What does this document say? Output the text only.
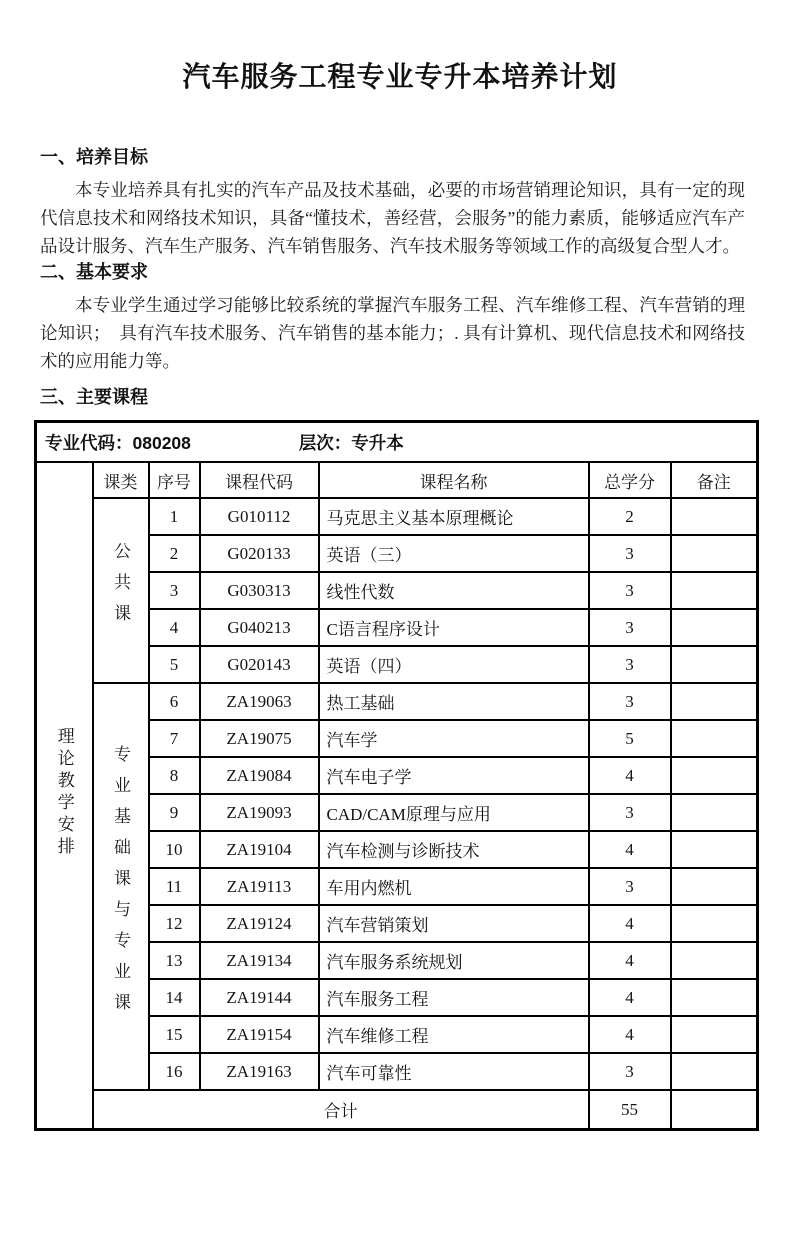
汽车服务工程专业专升本培养计划
一、培养目标

本专业培养具有扎实的汽车产品及技术基础，必要的市场营销理论知识，具有一定的现代信息技术和网络技术知识，具备“懂技术，善经营，会服务”的能力素质，能够适应汽车产品设计服务、汽车生产服务、汽车销售服务、汽车技术服务等领域工作的高级复合型人才。

二、基本要求

本专业学生通过学习能够比较系统的掌握汽车服务工程、汽车维修工程、汽车营销的理论知识；　具有汽车技术服务、汽车销售的基本能力；. 具有计算机、现代信息技术和网络技术的应用能力等。

三、主要课程
专业代码：080208 层次：专升本						
理论教学安排	课类	序号	课程代码	课程名称	总学分	备注
	公共课	1	G010112	马克思主义基本原理概论	2	
		2	G020133	英语（三）	3	
		3	G030313	线性代数	3	
		4	G040213	C语言程序设计	3	
		5	G020143	英语（四）	3	
	专业基础课与专业课	6	ZA19063	热工基础	3	
		7	ZA19075	汽车学	5	
		8	ZA19084	汽车电子学	4	
		9	ZA19093	CAD/CAM原理与应用	3	
		10	ZA19104	汽车检测与诊断技术	4	
		11	ZA19113	车用内燃机	3	
		12	ZA19124	汽车营销策划	4	
		13	ZA19134	汽车服务系统规划	4	
		14	ZA19144	汽车服务工程	4	
		15	ZA19154	汽车维修工程	4	
		16	ZA19163	汽车可靠性	3	
	合计				55	
